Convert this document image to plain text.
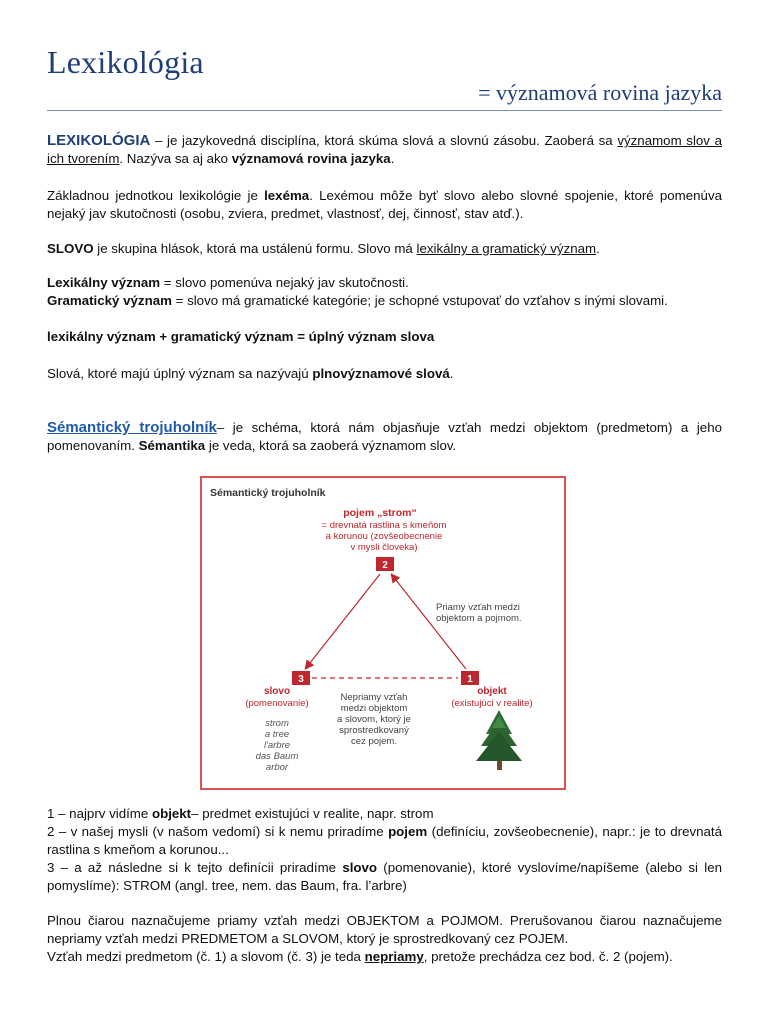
Lexikológia
= významová rovina jazyka
LEXIKOLÓGIA – je jazykovedná disciplína, ktorá skúma slová a slovnú zásobu. Zaoberá sa významom slov a ich tvorením. Nazýva sa aj ako významová rovina jazyka.
Základnou jednotkou lexikológie je lexéma. Lexémou môže byť slovo alebo slovné spojenie, ktoré pomenúva nejaký jav skutočnosti (osobu, zviera, predmet, vlastnosť, dej, činnosť, stav atď.).
SLOVO je skupina hlások, ktorá ma ustálenú formu. Slovo má lexikálny a gramatický význam.
Lexikálny význam = slovo pomenúva nejaký jav skutočnosti.
Gramatický význam = slovo má gramatické kategórie; je schopné vstupovať do vzťahov s inými slovami.
lexikálny význam + gramatický význam = úplný význam slova
Slová, ktoré majú úplný význam sa nazývajú plnovýznamové slová.
Sémantický trojuholník– je schéma, ktorá nám objasňuje vzťah medzi objektom (predmetom) a jeho pomenovaním. Sémantika je veda, ktorá sa zaoberá významom slov.
Sémantický trojuholník
pojem „strom“
= drevnatá rastlina s kmeňom
a korunou (zovšeobecnenie
v mysli človeka)
2
3	1
Priamy vzťah medzi
objektom a pojmom.
slovo
(pomenovanie)
strom
a tree
l'arbre
das Baum
arbor
Nepriamy vzťah
medzi objektom
a slovom, ktorý je
sprostredkovaný
cez pojem.
objekt
(existujúci v realite)
1 – najprv vidíme objekt– predmet existujúci v realite, napr. strom
2 – v našej mysli (v našom vedomí) si k nemu priradíme pojem (definíciu, zovšeobecnenie), napr.: je to drevnatá rastlina s kmeňom a korunou...
3 – a až následne si k tejto definícii priradíme slovo (pomenovanie), ktoré vyslovíme/napíšeme (alebo si len pomyslíme): STROM (angl. tree, nem. das Baum, fra. l’arbre)
Plnou čiarou naznačujeme priamy vzťah medzi OBJEKTOM a POJMOM. Prerušovanou čiarou naznačujeme nepriamy vzťah medzi PREDMETOM a SLOVOM, ktorý je sprostredkovaný cez POJEM.
Vzťah medzi predmetom (č. 1) a slovom (č. 3) je teda nepriamy, pretože prechádza cez bod. č. 2 (pojem).
